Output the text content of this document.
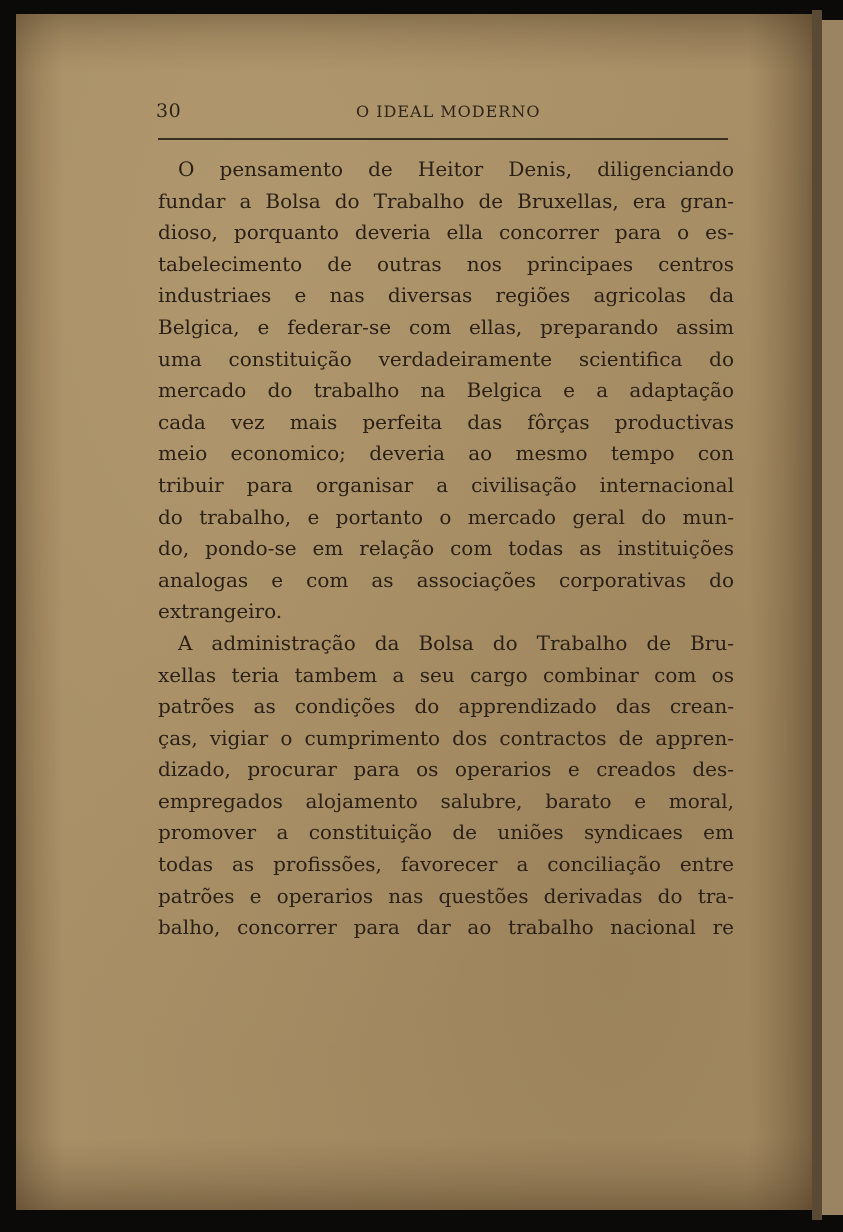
30	O IDEAL MODERNO
O pensamento de Heitor Denis, diligenciando
fundar a Bolsa do Trabalho de Bruxellas, era gran-
dioso, porquanto deveria ella concorrer para o es-
tabelecimento de outras nos principaes centros
industriaes e nas diversas regiões agricolas da
Belgica, e federar-se com ellas, preparando assim
uma constituição verdadeiramente scientifica do
mercado do trabalho na Belgica e a adaptação
cada vez mais perfeita das fôrças productivas
meio economico; deveria ao mesmo tempo con
tribuir para organisar a civilisação internacional
do trabalho, e portanto o mercado geral do mun-
do, pondo-se em relação com todas as instituições
analogas e com as associações corporativas do
extrangeiro.
A administração da Bolsa do Trabalho de Bru-
xellas teria tambem a seu cargo combinar com os
patrões as condições do apprendizado das crean-
ças, vigiar o cumprimento dos contractos de appren-
dizado, procurar para os operarios e creados des-
empregados alojamento salubre, barato e moral,
promover a constituição de uniões syndicaes em
todas as profissões, favorecer a conciliação entre
patrões e operarios nas questões derivadas do tra-
balho, concorrer para dar ao trabalho nacional re
